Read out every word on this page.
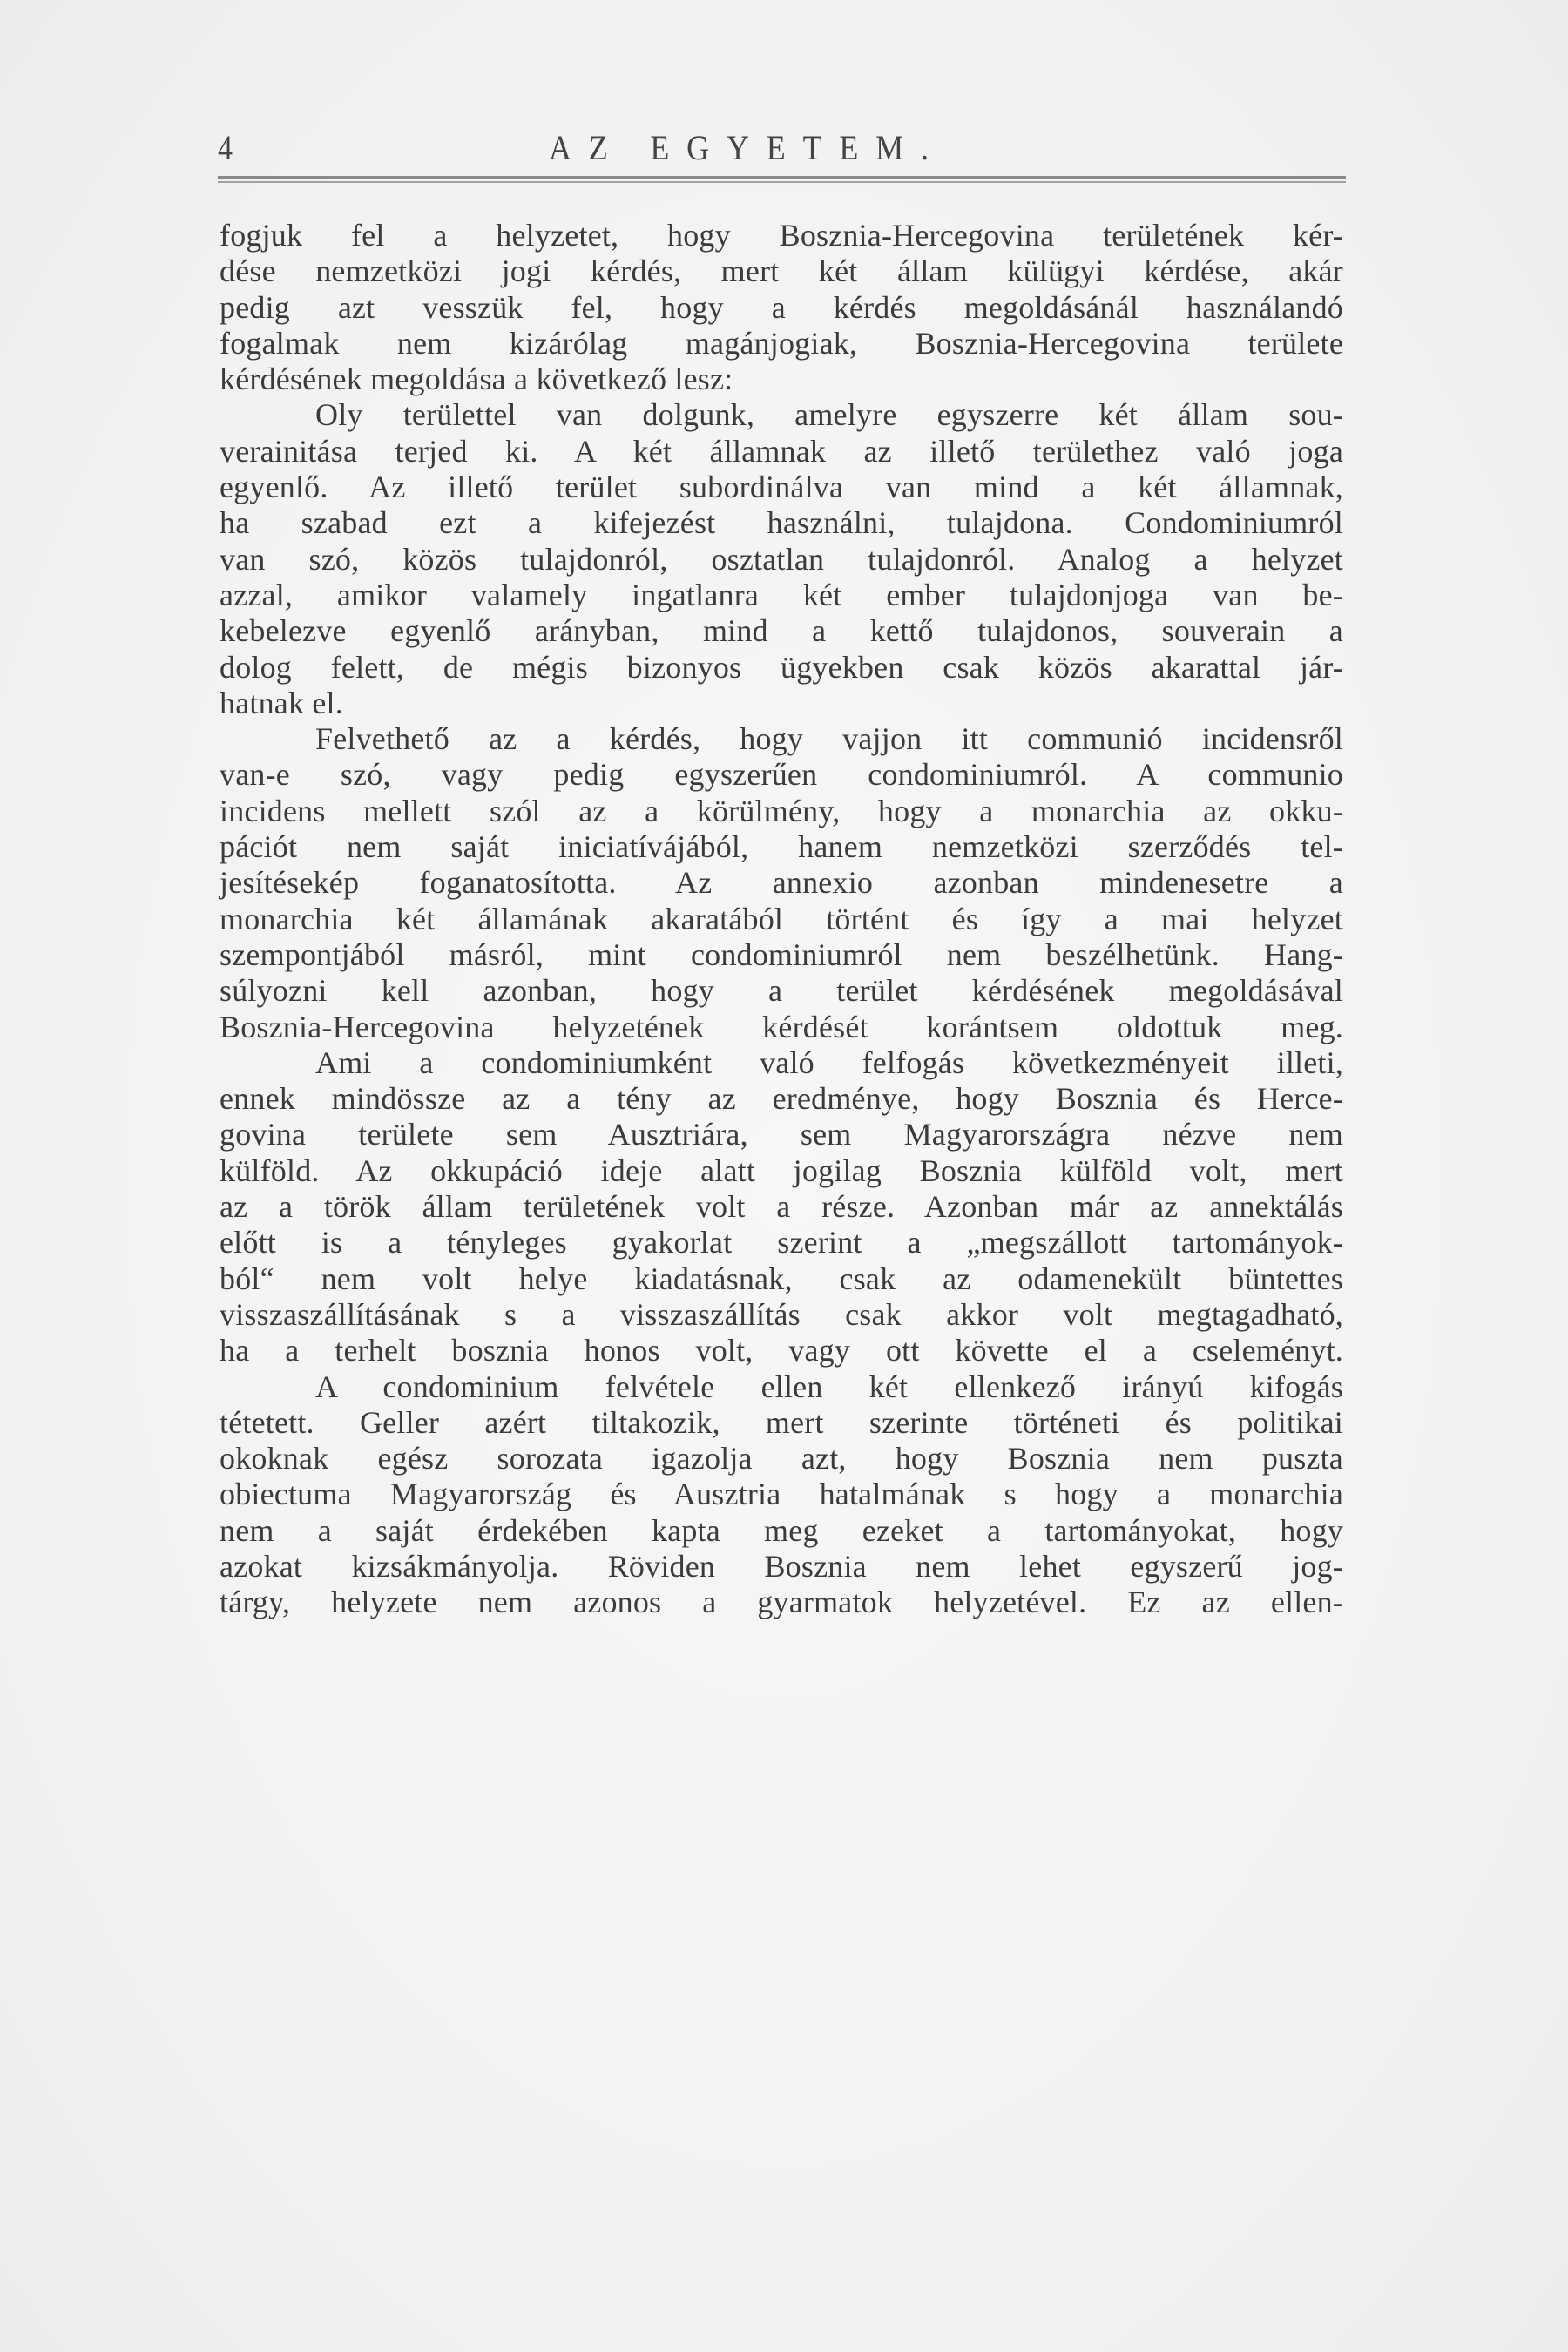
4	AZ EGYETEM.
fogjuk fel a helyzetet, hogy Bosznia-Hercegovina területének kér-
dése nemzetközi jogi kérdés, mert két állam külügyi kérdése, akár
pedig azt vesszük fel, hogy a kérdés megoldásánál használandó
fogalmak nem kizárólag magánjogiak, Bosznia-Hercegovina területe
kérdésének megoldása a következő lesz:
Oly területtel van dolgunk, amelyre egyszerre két állam sou-
verainitása terjed ki. A két államnak az illető területhez való joga
egyenlő. Az illető terület subordinálva van mind a két államnak,
ha szabad ezt a kifejezést használni, tulajdona. Condominiumról
van szó, közös tulajdonról, osztatlan tulajdonról. Analog a helyzet
azzal, amikor valamely ingatlanra két ember tulajdonjoga van be-
kebelezve egyenlő arányban, mind a kettő tulajdonos, souverain a
dolog felett, de mégis bizonyos ügyekben csak közös akarattal jár-
hatnak el.
Felvethető az a kérdés, hogy vajjon itt communió incidensről
van-e szó, vagy pedig egyszerűen condominiumról. A communio
incidens mellett szól az a körülmény, hogy a monarchia az okku-
pációt nem saját iniciatívájából, hanem nemzetközi szerződés tel-
jesítésekép foganatosította. Az annexio azonban mindenesetre a
monarchia két államának akaratából történt és így a mai helyzet
szempontjából másról, mint condominiumról nem beszélhetünk. Hang-
súlyozni kell azonban, hogy a terület kérdésének megoldásával
Bosznia-Hercegovina helyzetének kérdését korántsem oldottuk meg.
Ami a condominiumként való felfogás következményeit illeti,
ennek mindössze az a tény az eredménye, hogy Bosznia és Herce-
govina területe sem Ausztriára, sem Magyarországra nézve nem
külföld. Az okkupáció ideje alatt jogilag Bosznia külföld volt, mert
az a török állam területének volt a része. Azonban már az annektálás
előtt is a tényleges gyakorlat szerint a „megszállott tartományok-
ból“ nem volt helye kiadatásnak, csak az odamenekült büntettes
visszaszállításának s a visszaszállítás csak akkor volt megtagadható,
ha a terhelt bosznia honos volt, vagy ott követte el a cseleményt.
A condominium felvétele ellen két ellenkező irányú kifogás
tétetett. Geller azért tiltakozik, mert szerinte történeti és politikai
okoknak egész sorozata igazolja azt, hogy Bosznia nem puszta
obiectuma Magyarország és Ausztria hatalmának s hogy a monarchia
nem a saját érdekében kapta meg ezeket a tartományokat, hogy
azokat kizsákmányolja. Röviden Bosznia nem lehet egyszerű jog-
tárgy, helyzete nem azonos a gyarmatok helyzetével. Ez az ellen-
